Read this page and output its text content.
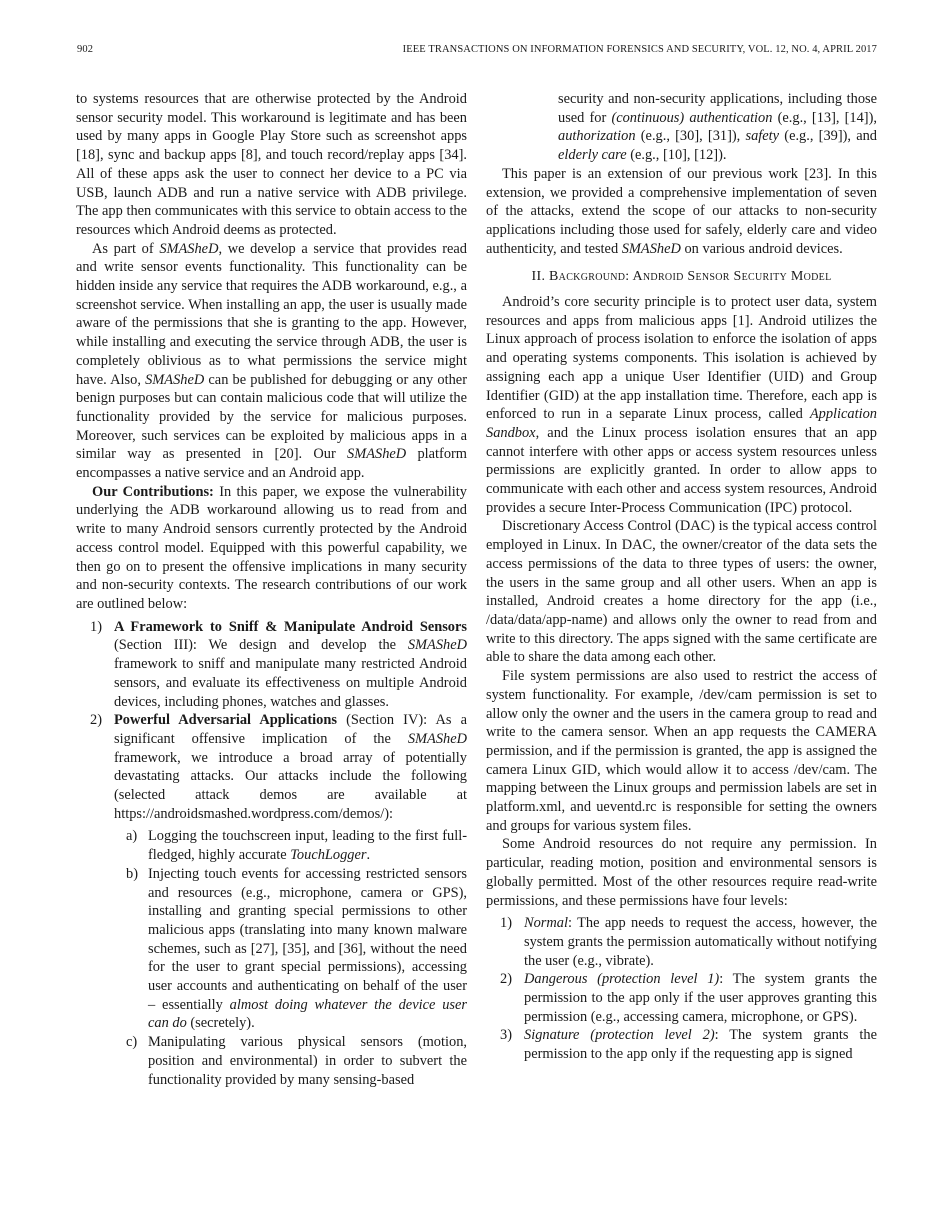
902	IEEE TRANSACTIONS ON INFORMATION FORENSICS AND SECURITY, VOL. 12, NO. 4, APRIL 2017

to systems resources that are otherwise protected by the Android sensor security model. This workaround is legitimate and has been used by many apps in Google Play Store such as screenshot apps [18], sync and backup apps [8], and touch record/replay apps [34]. All of these apps ask the user to connect her device to a PC via USB, launch ADB and run a native service with ADB privilege. The app then communicates with this service to obtain access to the resources which Android deems as protected.

As part of SMASheD, we develop a service that provides read and write sensor events functionality. This functionality can be hidden inside any service that requires the ADB workaround, e.g., a screenshot service. When installing an app, the user is usually made aware of the permissions that she is granting to the app. However, while installing and executing the service through ADB, the user is completely oblivious as to what permissions the service might have. Also, SMASheD can be published for debugging or any other benign purposes but can contain malicious code that will utilize the functionality provided by the service for malicious purposes. Moreover, such services can be exploited by malicious apps in a similar way as presented in [20]. Our SMASheD platform encompasses a native service and an Android app.

Our Contributions: In this paper, we expose the vulnerability underlying the ADB workaround allowing us to read from and write to many Android sensors currently protected by the Android access control model. Equipped with this powerful capability, we then go on to present the offensive implications in many security and non-security contexts. The research contributions of our work are outlined below:

1) A Framework to Sniff & Manipulate Android Sensors (Section III): We design and develop the SMASheD framework to sniff and manipulate many restricted Android sensors, and evaluate its effectiveness on multiple Android devices, including phones, watches and glasses.
2) Powerful Adversarial Applications (Section IV): As a significant offensive implication of the SMASheD framework, we introduce a broad array of potentially devastating attacks. Our attacks include the following (selected attack demos are available at https://androidsmashed.wordpress.com/demos/):
a) Logging the touchscreen input, leading to the first full-fledged, highly accurate TouchLogger.
b) Injecting touch events for accessing restricted sensors and resources (e.g., microphone, camera or GPS), installing and granting special permissions to other malicious apps (translating into many known malware schemes, such as [27], [35], and [36], without the need for the user to grant special permissions), accessing user accounts and authenticating on behalf of the user – essentially almost doing whatever the device user can do (secretely).
c) Manipulating various physical sensors (motion, position and environmental) in order to subvert the functionality provided by many sensing-based

security and non-security applications, including those used for (continuous) authentication (e.g., [13], [14]), authorization (e.g., [30], [31]), safety (e.g., [39]), and elderly care (e.g., [10], [12]).

This paper is an extension of our previous work [23]. In this extension, we provided a comprehensive implementation of seven of the attacks, extend the scope of our attacks to non-security applications including those used for safely, elderly care and video authenticity, and tested SMASheD on various android devices.

II. Background: Android Sensor Security Model

Android’s core security principle is to protect user data, system resources and apps from malicious apps [1]. Android utilizes the Linux approach of process isolation to enforce the isolation of apps and operating systems components. This isolation is achieved by assigning each app a unique User Identifier (UID) and Group Identifier (GID) at the app installation time. Therefore, each app is enforced to run in a separate Linux process, called Application Sandbox, and the Linux process isolation ensures that an app cannot interfere with other apps or access system resources unless permissions are explicitly granted. In order to allow apps to communicate with each other and access system resources, Android provides a secure Inter-Process Communication (IPC) protocol.

Discretionary Access Control (DAC) is the typical access control employed in Linux. In DAC, the owner/creator of the data sets the access permissions of the data to three types of users: the owner, the users in the same group and all other users. When an app is installed, Android creates a home directory for the app (i.e., /data/data/app-name) and allows only the owner to read from and write to this directory. The apps signed with the same certificate are able to share the data among each other.

File system permissions are also used to restrict the access of system functionality. For example, /dev/cam permission is set to allow only the owner and the users in the camera group to read and write to the camera sensor. When an app requests the CAMERA permission, and if the permission is granted, the app is assigned the camera Linux GID, which would allow it to access /dev/cam. The mapping between the Linux groups and permission labels are set in platform.xml, and ueventd.rc is responsible for setting the owners and groups for various system files.

Some Android resources do not require any permission. In particular, reading motion, position and environmental sensors is globally permitted. Most of the other resources require read-write permissions, and these permissions have four levels:

1) Normal: The app needs to request the access, however, the system grants the permission automatically without notifying the user (e.g., vibrate).
2) Dangerous (protection level 1): The system grants the permission to the app only if the user approves granting this permission (e.g., accessing camera, microphone, or GPS).
3) Signature (protection level 2): The system grants the permission to the app only if the requesting app is signed
